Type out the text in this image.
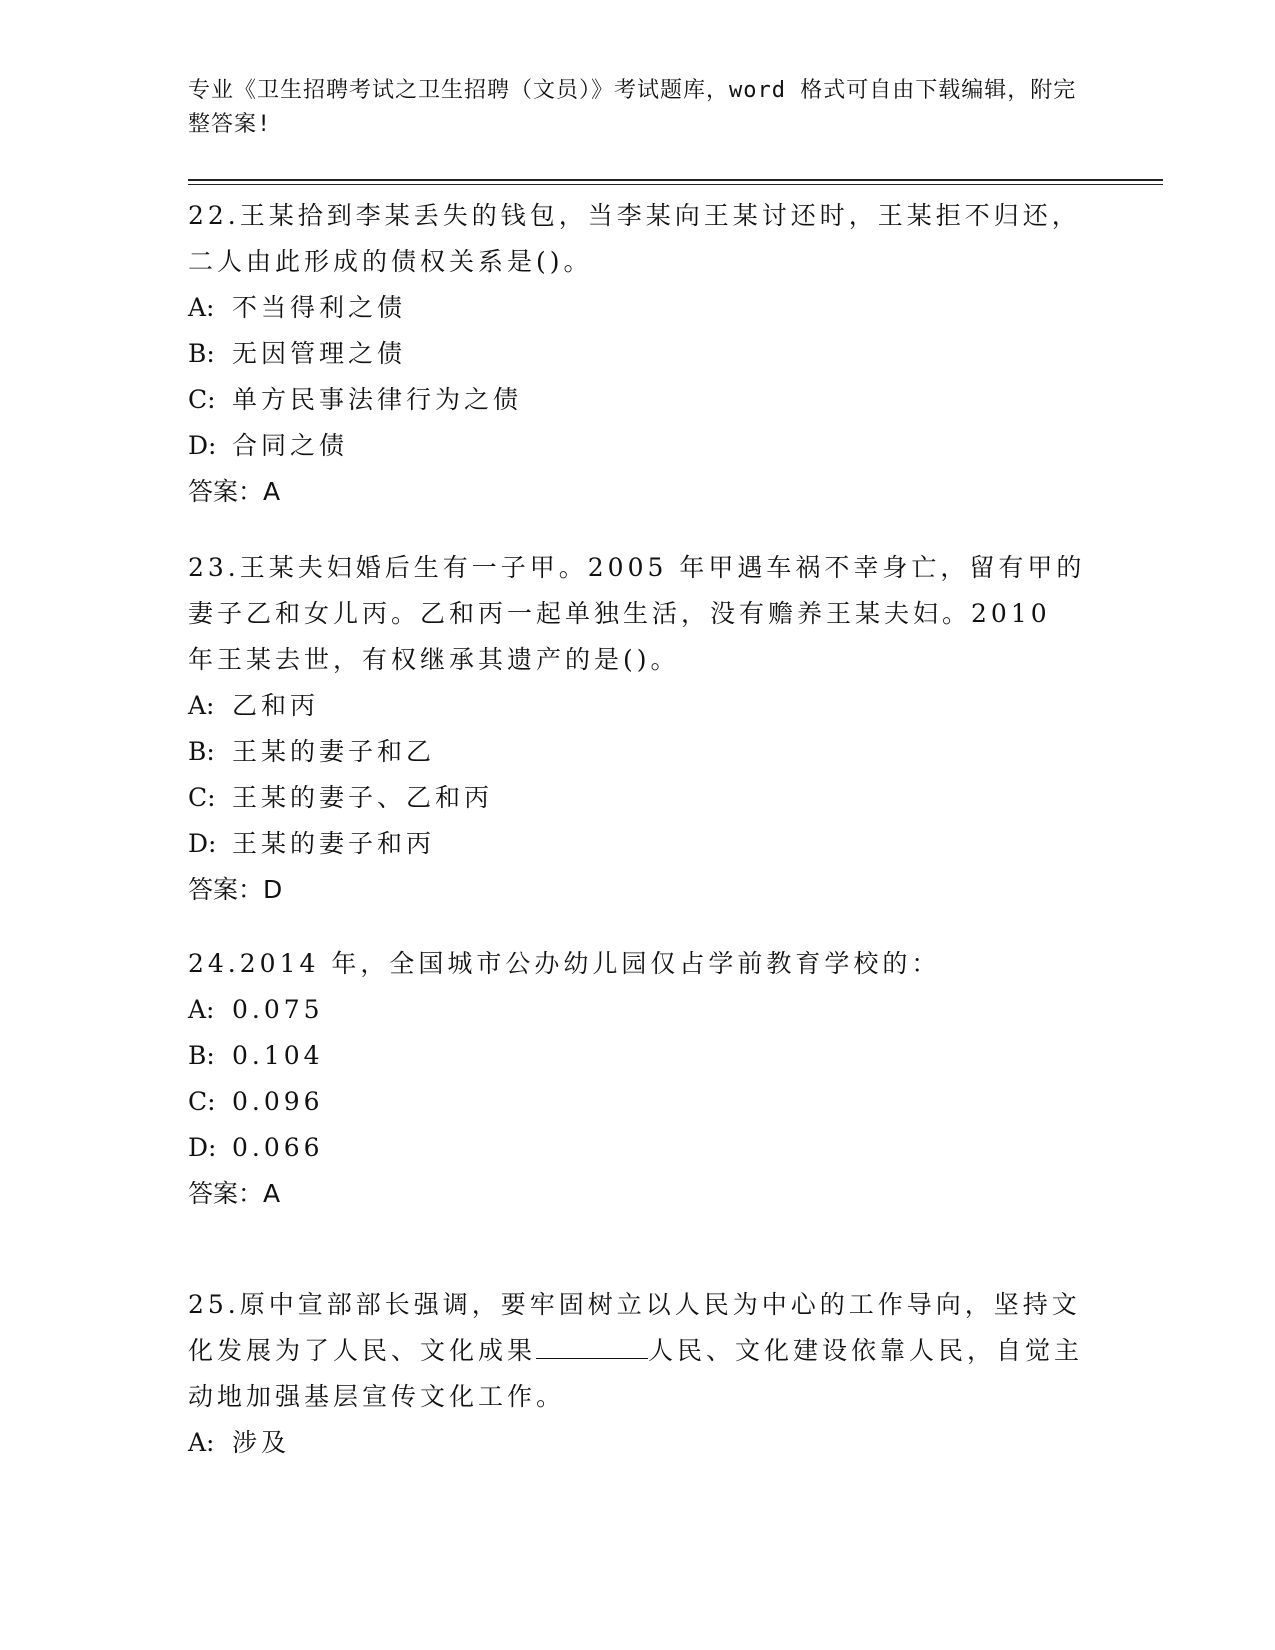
专业《卫生招聘考试之卫生招聘（文员）》考试题库，word 格式可自由下载编辑，附完整答案!

22.王某拾到李某丢失的钱包，当李某向王某讨还时，王某拒不归还，二人由此形成的债权关系是()。

A: 不当得利之债

B: 无因管理之债

C: 单方民事法律行为之债

D: 合同之债

答案：A

23.王某夫妇婚后生有一子甲。2005 年甲遇车祸不幸身亡，留有甲的妻子乙和女儿丙。乙和丙一起单独生活，没有赡养王某夫妇。2010 年王某去世，有权继承其遗产的是()。

A: 乙和丙

B: 王某的妻子和乙

C: 王某的妻子、乙和丙

D: 王某的妻子和丙

答案：D

24.2014 年，全国城市公办幼儿园仅占学前教育学校的：

A: 0.075

B: 0.104

C: 0.096

D: 0.066

答案：A

25.原中宣部部长强调，要牢固树立以人民为中心的工作导向，坚持文化发展为了人民、文化成果	人民、文化建设依靠人民，自觉主动地加强基层宣传文化工作。

A: 涉及
